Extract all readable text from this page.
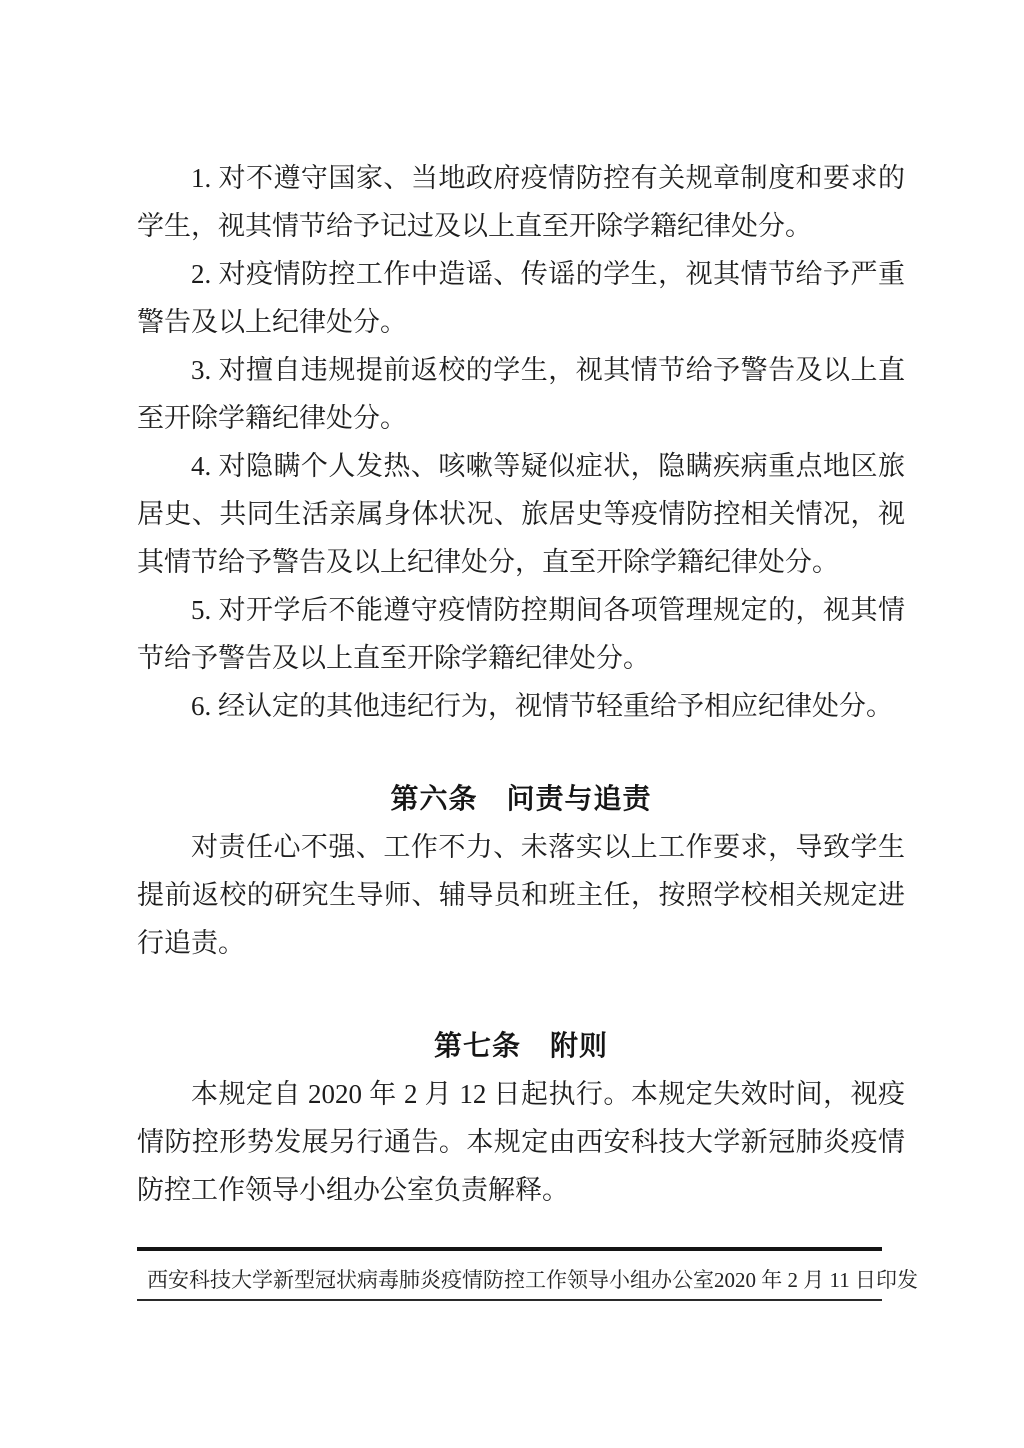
1. 对不遵守国家、当地政府疫情防控有关规章制度和要求的
学生，视其情节给予记过及以上直至开除学籍纪律处分。
2. 对疫情防控工作中造谣、传谣的学生，视其情节给予严重
警告及以上纪律处分。
3. 对擅自违规提前返校的学生，视其情节给予警告及以上直
至开除学籍纪律处分。
4. 对隐瞒个人发热、咳嗽等疑似症状，隐瞒疾病重点地区旅
居史、共同生活亲属身体状况、旅居史等疫情防控相关情况，视
其情节给予警告及以上纪律处分，直至开除学籍纪律处分。
5. 对开学后不能遵守疫情防控期间各项管理规定的，视其情
节给予警告及以上直至开除学籍纪律处分。
6. 经认定的其他违纪行为，视情节轻重给予相应纪律处分。
第六条　问责与追责
对责任心不强、工作不力、未落实以上工作要求，导致学生
提前返校的研究生导师、辅导员和班主任，按照学校相关规定进
行追责。
第七条　附则
本规定自 2020 年 2 月 12 日起执行。本规定失效时间，视疫
情防控形势发展另行通告。本规定由西安科技大学新冠肺炎疫情
防控工作领导小组办公室负责解释。
西安科技大学新型冠状病毒肺炎疫情防控工作领导小组办公室 2020 年 2 月 11 日印发
